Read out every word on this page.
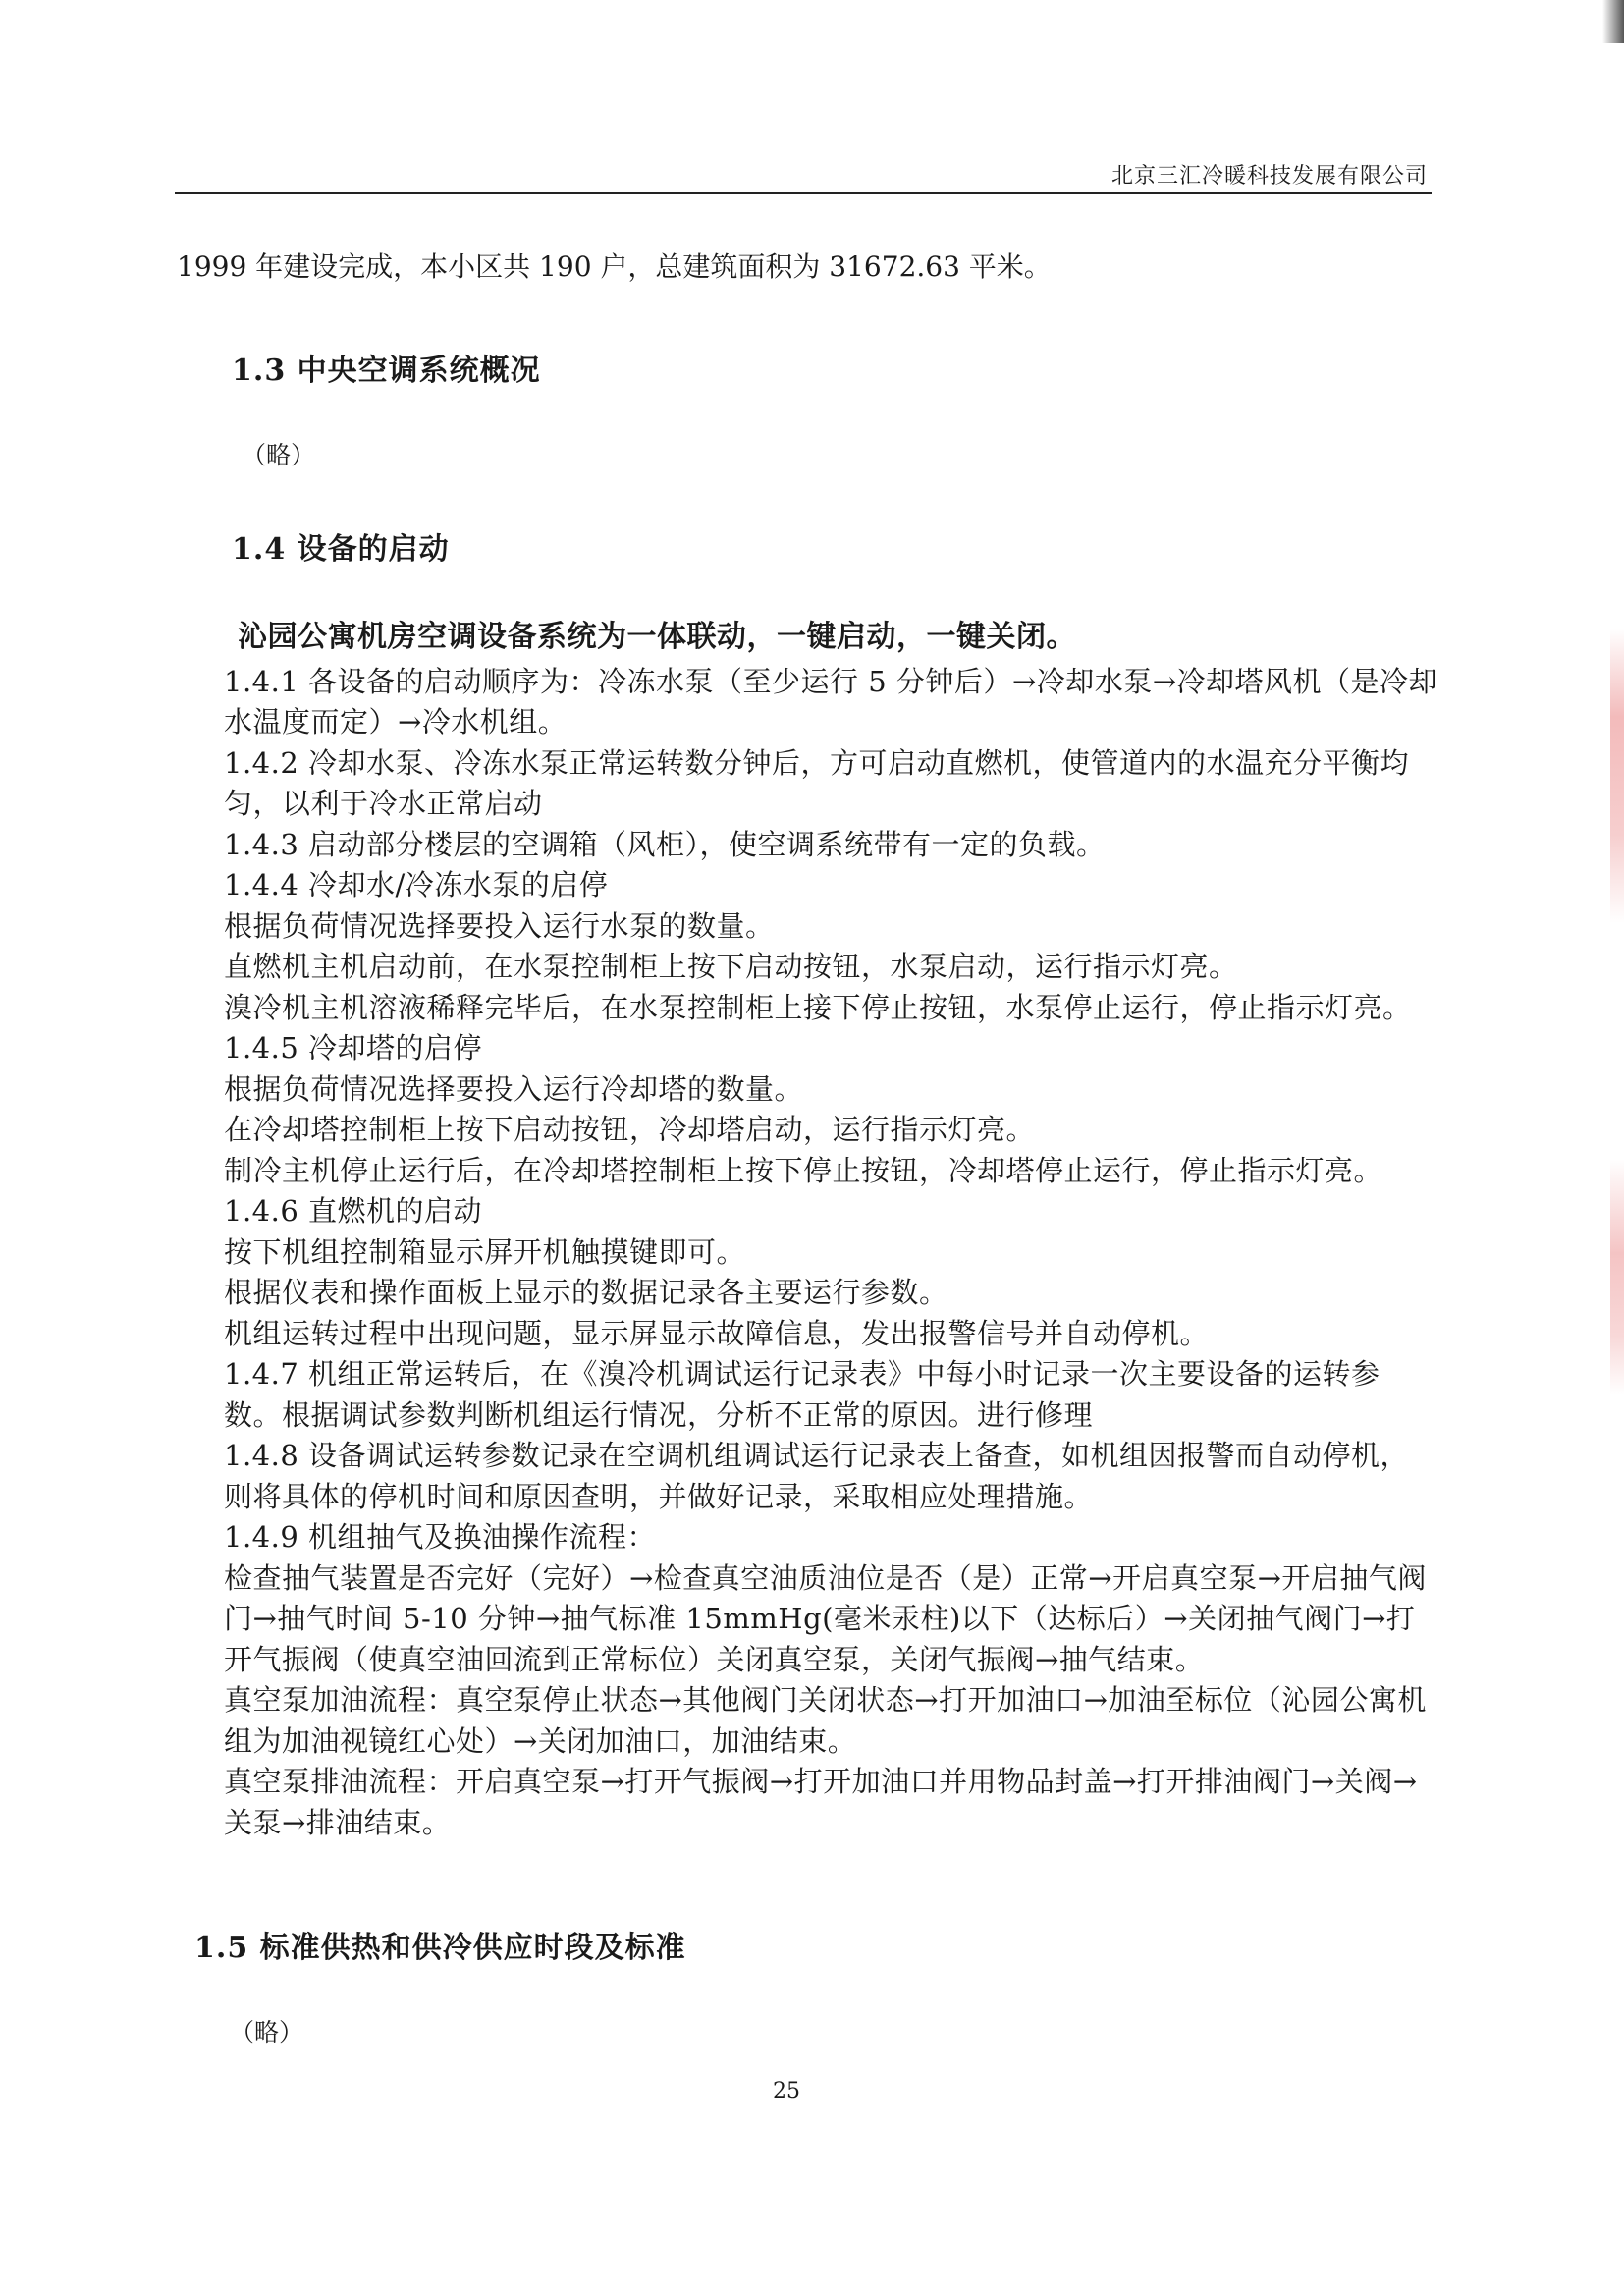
北京三汇冷暖科技发展有限公司
1999 年建设完成，本小区共 190 户，总建筑面积为 31672.63 平米。
1.3 中央空调系统概况
（略）
1.4 设备的启动
沁园公寓机房空调设备系统为一体联动，一键启动，一键关闭。
1.4.1 各设备的启动顺序为：冷冻水泵（至少运行 5 分钟后）→冷却水泵→冷却塔风机（是冷却水温度而定）→冷水机组。
1.4.2 冷却水泵、冷冻水泵正常运转数分钟后，方可启动直燃机，使管道内的水温充分平衡均匀，以利于冷水正常启动
1.4.3 启动部分楼层的空调箱（风柜），使空调系统带有一定的负载。
1.4.4 冷却水/冷冻水泵的启停
根据负荷情况选择要投入运行水泵的数量。
直燃机主机启动前，在水泵控制柜上按下启动按钮，水泵启动，运行指示灯亮。
溴冷机主机溶液稀释完毕后，在水泵控制柜上接下停止按钮，水泵停止运行，停止指示灯亮。
1.4.5 冷却塔的启停
根据负荷情况选择要投入运行冷却塔的数量。
在冷却塔控制柜上按下启动按钮，冷却塔启动，运行指示灯亮。
制冷主机停止运行后，在冷却塔控制柜上按下停止按钮，冷却塔停止运行，停止指示灯亮。
1.4.6 直燃机的启动
按下机组控制箱显示屏开机触摸键即可。
根据仪表和操作面板上显示的数据记录各主要运行参数。
机组运转过程中出现问题，显示屏显示故障信息，发出报警信号并自动停机。
1.4.7 机组正常运转后，在《溴冷机调试运行记录表》中每小时记录一次主要设备的运转参数。根据调试参数判断机组运行情况，分析不正常的原因。进行修理
1.4.8 设备调试运转参数记录在空调机组调试运行记录表上备查，如机组因报警而自动停机，则将具体的停机时间和原因查明，并做好记录，采取相应处理措施。
1.4.9 机组抽气及换油操作流程：
检查抽气装置是否完好（完好）→检查真空油质油位是否（是）正常→开启真空泵→开启抽气阀门→抽气时间 5-10 分钟→抽气标准 15mmHg(毫米汞柱)以下（达标后）→关闭抽气阀门→打开气振阀（使真空油回流到正常标位）关闭真空泵，关闭气振阀→抽气结束。
真空泵加油流程：真空泵停止状态→其他阀门关闭状态→打开加油口→加油至标位（沁园公寓机组为加油视镜红心处）→关闭加油口，加油结束。
真空泵排油流程：开启真空泵→打开气振阀→打开加油口并用物品封盖→打开排油阀门→关阀→关泵→排油结束。
1.5 标准供热和供冷供应时段及标准
（略）
25
